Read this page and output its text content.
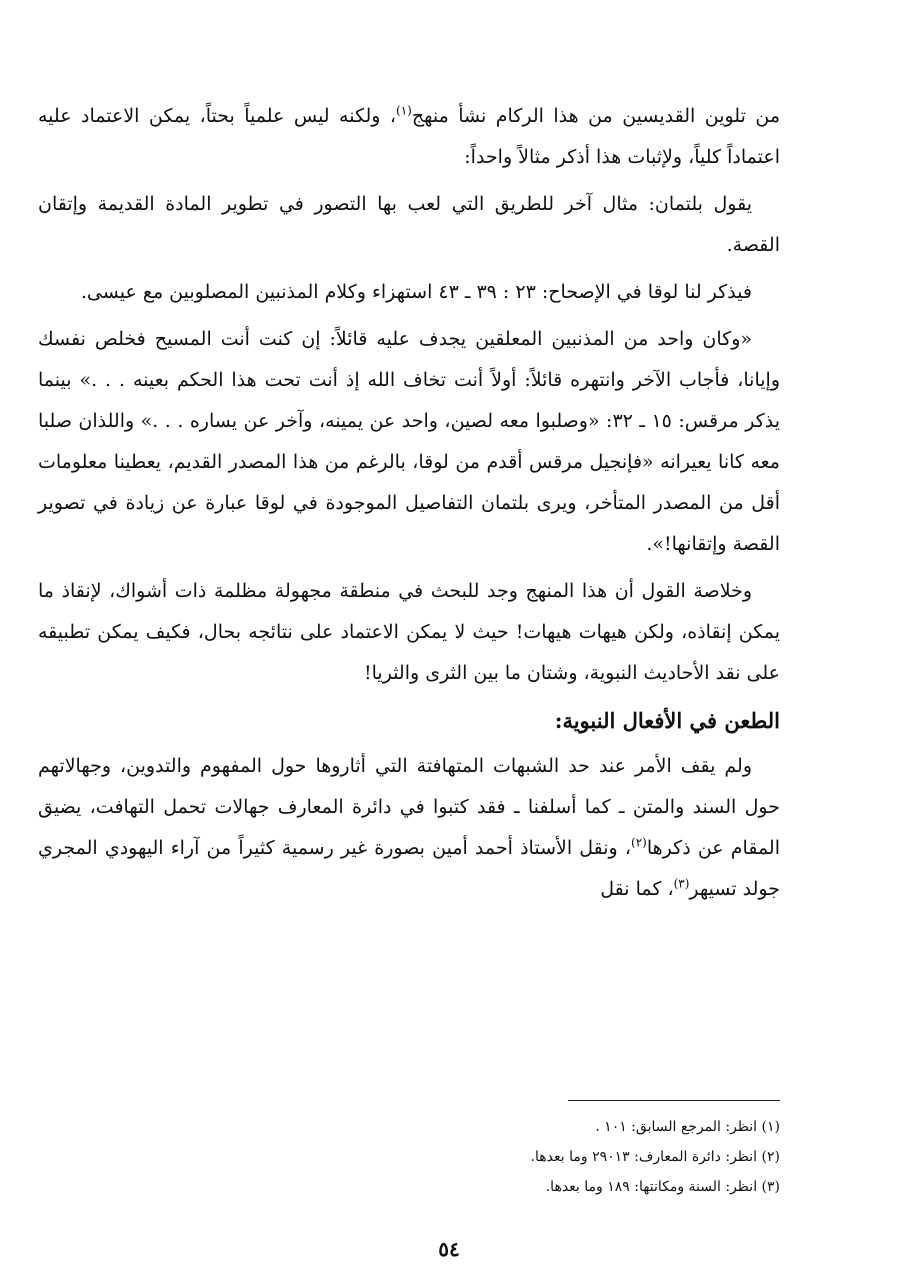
من تلوين القديسين من هذا الركام نشأ منهج$^{(١)}$، ولكنه ليس علمياً بحتاً، يمكن الاعتماد عليه اعتماداً كلياً، ولإثبات هذا أذكر مثالاً واحداً:

يقول بلتمان: مثال آخر للطريق التي لعب بها التصور في تطوير المادة القديمة وإتقان القصة.

فيذكر لنا لوقا في الإصحاح: ٢٣ : ٣٩ ـ ٤٣ استهزاء وكلام المذنبين المصلوبين مع عيسى.

«وكان واحد من المذنبين المعلقين يجدف عليه قائلاً: إن كنت أنت المسيح فخلص نفسك وإيانا، فأجاب الآخر وانتهره قائلاً: أولاً أنت تخاف الله إذ أنت تحت هذا الحكم بعينه . . .» بينما يذكر مرقس: ١٥ ـ ٣٢: «وصلبوا معه لصين، واحد عن يمينه، وآخر عن يساره . . .» واللذان صلبا معه كانا يعيرانه «فإنجيل مرقس أقدم من لوقا، بالرغم من هذا المصدر القديم، يعطينا معلومات أقل من المصدر المتأخر، ويرى بلتمان التفاصيل الموجودة في لوقا عبارة عن زيادة في تصوير القصة وإتقانها!».

وخلاصة القول أن هذا المنهج وجد للبحث في منطقة مجهولة مظلمة ذات أشواك، لإنقاذ ما يمكن إنقاذه، ولكن هيهات هيهات! حيث لا يمكن الاعتماد على نتائجه بحال، فكيف يمكن تطبيقه على نقد الأحاديث النبوية، وشتان ما بين الثرى والثريا!

الطعن في الأفعال النبوية:

ولم يقف الأمر عند حد الشبهات المتهافتة التي أثاروها حول المفهوم والتدوين، وجهالاتهم حول السند والمتن ـ كما أسلفنا ـ فقد كتبوا في دائرة المعارف جهالات تحمل التهافت، يضيق المقام عن ذكرها$^{(٢)}$، ونقل الأستاذ أحمد أمين بصورة غير رسمية كثيراً من آراء اليهودي المجري جولد تسيهر$^{(٣)}$، كما نقل

(١) انظر: المرجع السابق: ١٠١ .

(٢) انظر: دائرة المعارف: ٢٩٠١٣ وما بعدها.

(٣) انظر: السنة ومكانتها: ١٨٩ وما بعدها.

٥٤
